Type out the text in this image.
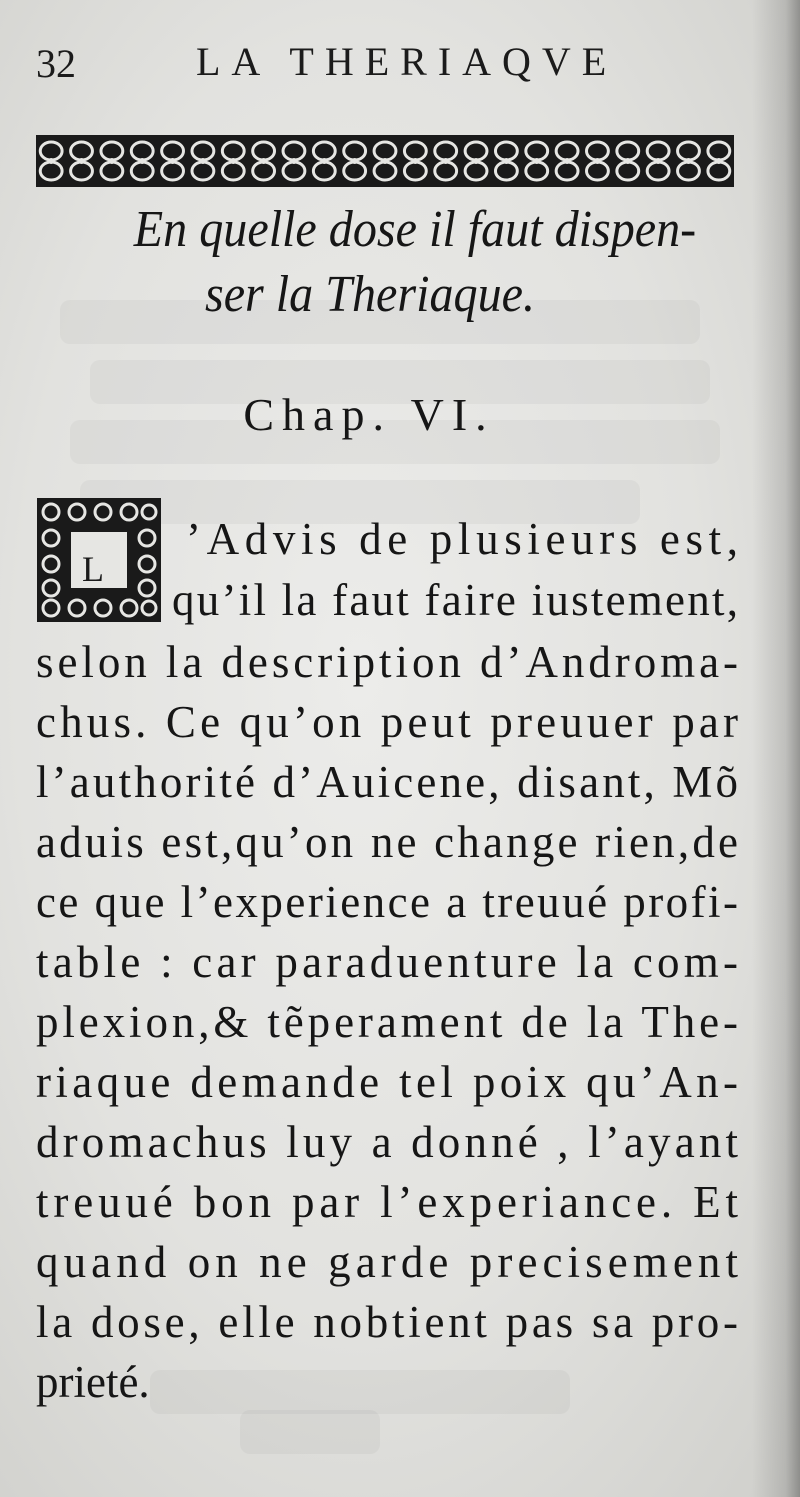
32	LA THERIAQVE
En quelle dose il faut dispen-
ser la Theriaque.
Chap. VI.
L
’Advis de plusieurs est,
qu’il la faut faire iustement,
selon la description d’Androma-
chus. Ce qu’on peut preuuer par
l’authorité d’Auicene, disant, Mõ
aduis est,qu’on ne change rien,de
ce que l’experience a treuué profi-
table : car paraduenture la com-
plexion,& tẽperament de la The-
riaque demande tel poix qu’An-
dromachus luy a donné , l’ayant
treuué bon par l’experiance. Et
quand on ne garde precisement
la dose, elle nobtient pas sa pro-
prieté.
